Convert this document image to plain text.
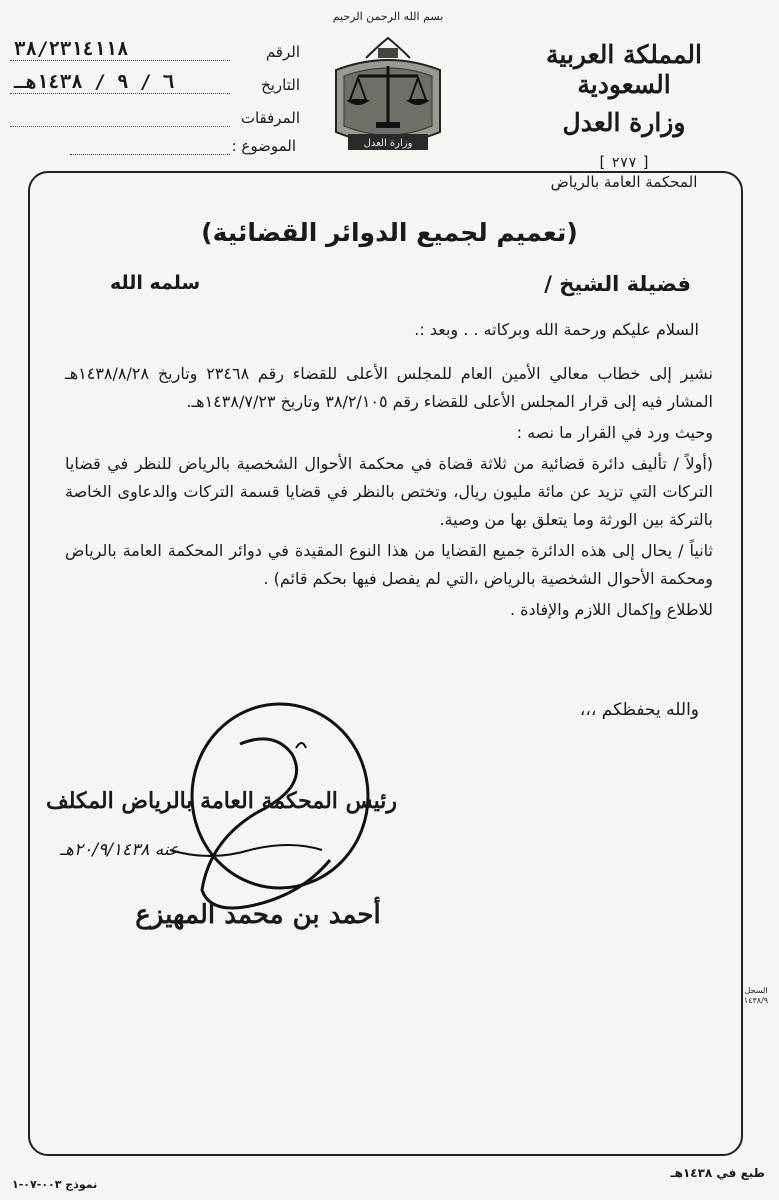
المملكة العربية السعودية
وزارة العدل
[٢٧٧]
المحكمة العامة بالرياض
بسم الله الرحمن الرحيم
وزارة العدل
الرقم
٣٨/٢٣١٤١١٨
التاريخ
٦ / ٩ / ١٤٣٨هـ
المرفقات
الموضوع :
(تعميم لجميع الدوائر القضائية)
فضيلة الشيخ /
سلمه الله
السلام عليكم ورحمة الله وبركاته . . وبعد :.

نشير إلى خطاب معالي الأمين العام للمجلس الأعلى للقضاء رقم ٢٣٤٦٨ وتاريخ ١٤٣٨/٨/٢٨هـ المشار فيه إلى قرار المجلس الأعلى للقضاء رقم ٣٨/٢/١٠٥ وتاريخ ١٤٣٨/٧/٢٣هـ.

وحيث ورد في القرار ما نصه :

(أولاً / تأليف دائرة قضائية من ثلاثة قضاة في محكمة الأحوال الشخصية بالرياض للنظر في قضايا التركات التي تزيد عن مائة مليون ريال، وتختص بالنظر في قضايا قسمة التركات والدعاوى الخاصة بالتركة بين الورثة وما يتعلق بها من وصية.

ثانياً / يحال إلى هذه الدائرة جميع القضايا من هذا النوع المقيدة في دوائر المحكمة العامة بالرياض ومحكمة الأحوال الشخصية بالرياض ،التي لم يفصل فيها بحكم قائم) .

للاطلاع وإكمال اللازم والإفادة .

والله يحفظكم ،،،
رئيس المحكمة العامة بالرياض المكلف
عنه ٢٠/٩/١٤٣٨هـ
أحمد بن محمد المهيزع
السجل ١٤٣٨/٩
نموذج ٠٠٣-٠٧-١
طبع في ١٤٣٨هـ
